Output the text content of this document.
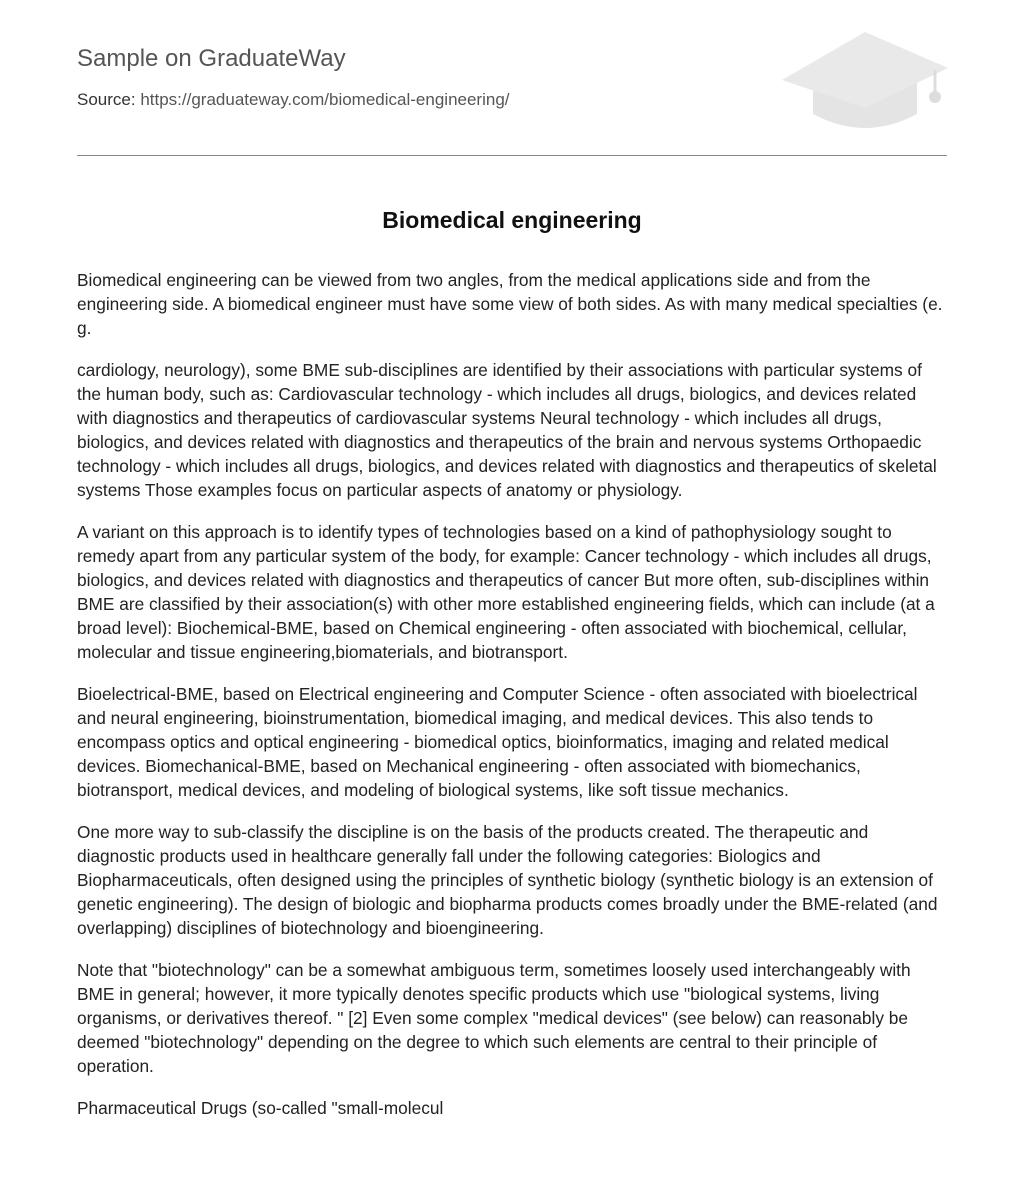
Sample on GraduateWay
Source: https://graduateway.com/biomedical-engineering/
Biomedical engineering

Biomedical engineering can be viewed from two angles, from the medical applications side and from the engineering side. A biomedical engineer must have some view of both sides. As with many medical specialties (e. g.

cardiology, neurology), some BME sub-disciplines are identified by their associations with particular systems of the human body, such as: Cardiovascular technology - which includes all drugs, biologics, and devices related with diagnostics and therapeutics of cardiovascular systems Neural technology - which includes all drugs, biologics, and devices related with diagnostics and therapeutics of the brain and nervous systems Orthopaedic technology - which includes all drugs, biologics, and devices related with diagnostics and therapeutics of skeletal systems Those examples focus on particular aspects of anatomy or physiology.

A variant on this approach is to identify types of technologies based on a kind of pathophysiology sought to remedy apart from any particular system of the body, for example: Cancer technology - which includes all drugs, biologics, and devices related with diagnostics and therapeutics of cancer But more often, sub-disciplines within BME are classified by their association(s) with other more established engineering fields, which can include (at a broad level): Biochemical-BME, based on Chemical engineering - often associated with biochemical, cellular, molecular and tissue engineering,biomaterials, and biotransport.

Bioelectrical-BME, based on Electrical engineering and Computer Science - often associated with bioelectrical and neural engineering, bioinstrumentation, biomedical imaging, and medical devices. This also tends to encompass optics and optical engineering - biomedical optics, bioinformatics, imaging and related medical devices. Biomechanical-BME, based on Mechanical engineering - often associated with biomechanics, biotransport, medical devices, and modeling of biological systems, like soft tissue mechanics.

One more way to sub-classify the discipline is on the basis of the products created. The therapeutic and diagnostic products used in healthcare generally fall under the following categories: Biologics and Biopharmaceuticals, often designed using the principles of synthetic biology (synthetic biology is an extension of genetic engineering). The design of biologic and biopharma products comes broadly under the BME-related (and overlapping) disciplines of biotechnology and bioengineering.

Note that "biotechnology" can be a somewhat ambiguous term, sometimes loosely used interchangeably with BME in general; however, it more typically denotes specific products which use "biological systems, living organisms, or derivatives thereof. " [2] Even some complex "medical devices" (see below) can reasonably be deemed "biotechnology" depending on the degree to which such elements are central to their principle of operation.

Pharmaceutical Drugs (so-called "small-molecul
